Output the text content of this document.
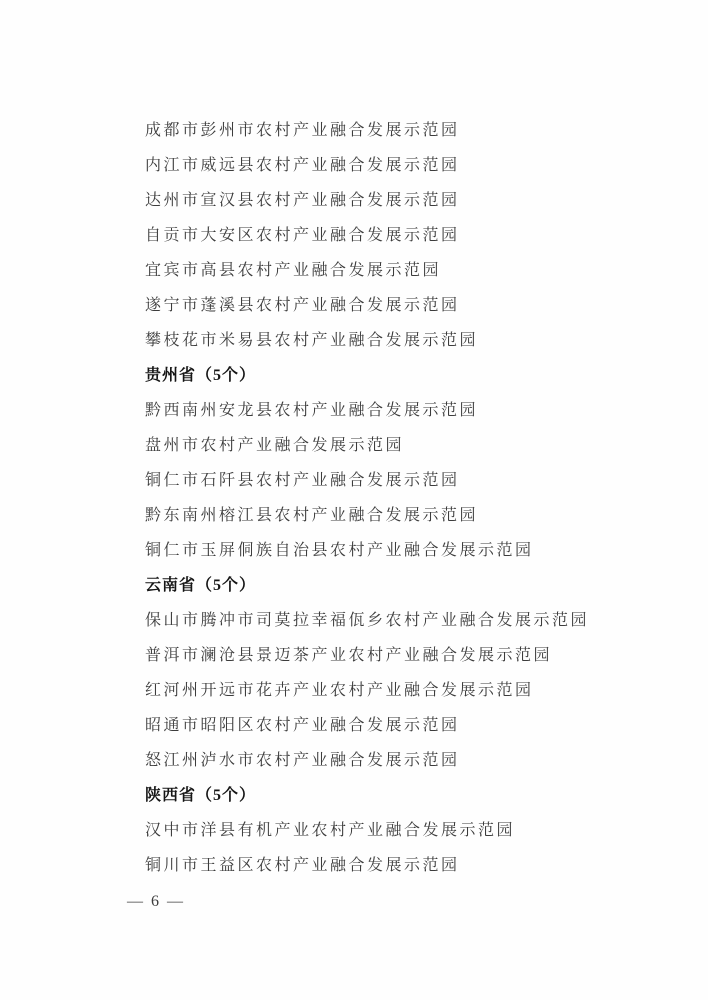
成都市彭州市农村产业融合发展示范园
内江市威远县农村产业融合发展示范园
达州市宣汉县农村产业融合发展示范园
自贡市大安区农村产业融合发展示范园
宜宾市高县农村产业融合发展示范园
遂宁市蓬溪县农村产业融合发展示范园
攀枝花市米易县农村产业融合发展示范园
贵州省（5个）
黔西南州安龙县农村产业融合发展示范园
盘州市农村产业融合发展示范园
铜仁市石阡县农村产业融合发展示范园
黔东南州榕江县农村产业融合发展示范园
铜仁市玉屏侗族自治县农村产业融合发展示范园
云南省（5个）
保山市腾冲市司莫拉幸福佤乡农村产业融合发展示范园
普洱市澜沧县景迈茶产业农村产业融合发展示范园
红河州开远市花卉产业农村产业融合发展示范园
昭通市昭阳区农村产业融合发展示范园
怒江州泸水市农村产业融合发展示范园
陕西省（5个）
汉中市洋县有机产业农村产业融合发展示范园
铜川市王益区农村产业融合发展示范园
— 6 —
